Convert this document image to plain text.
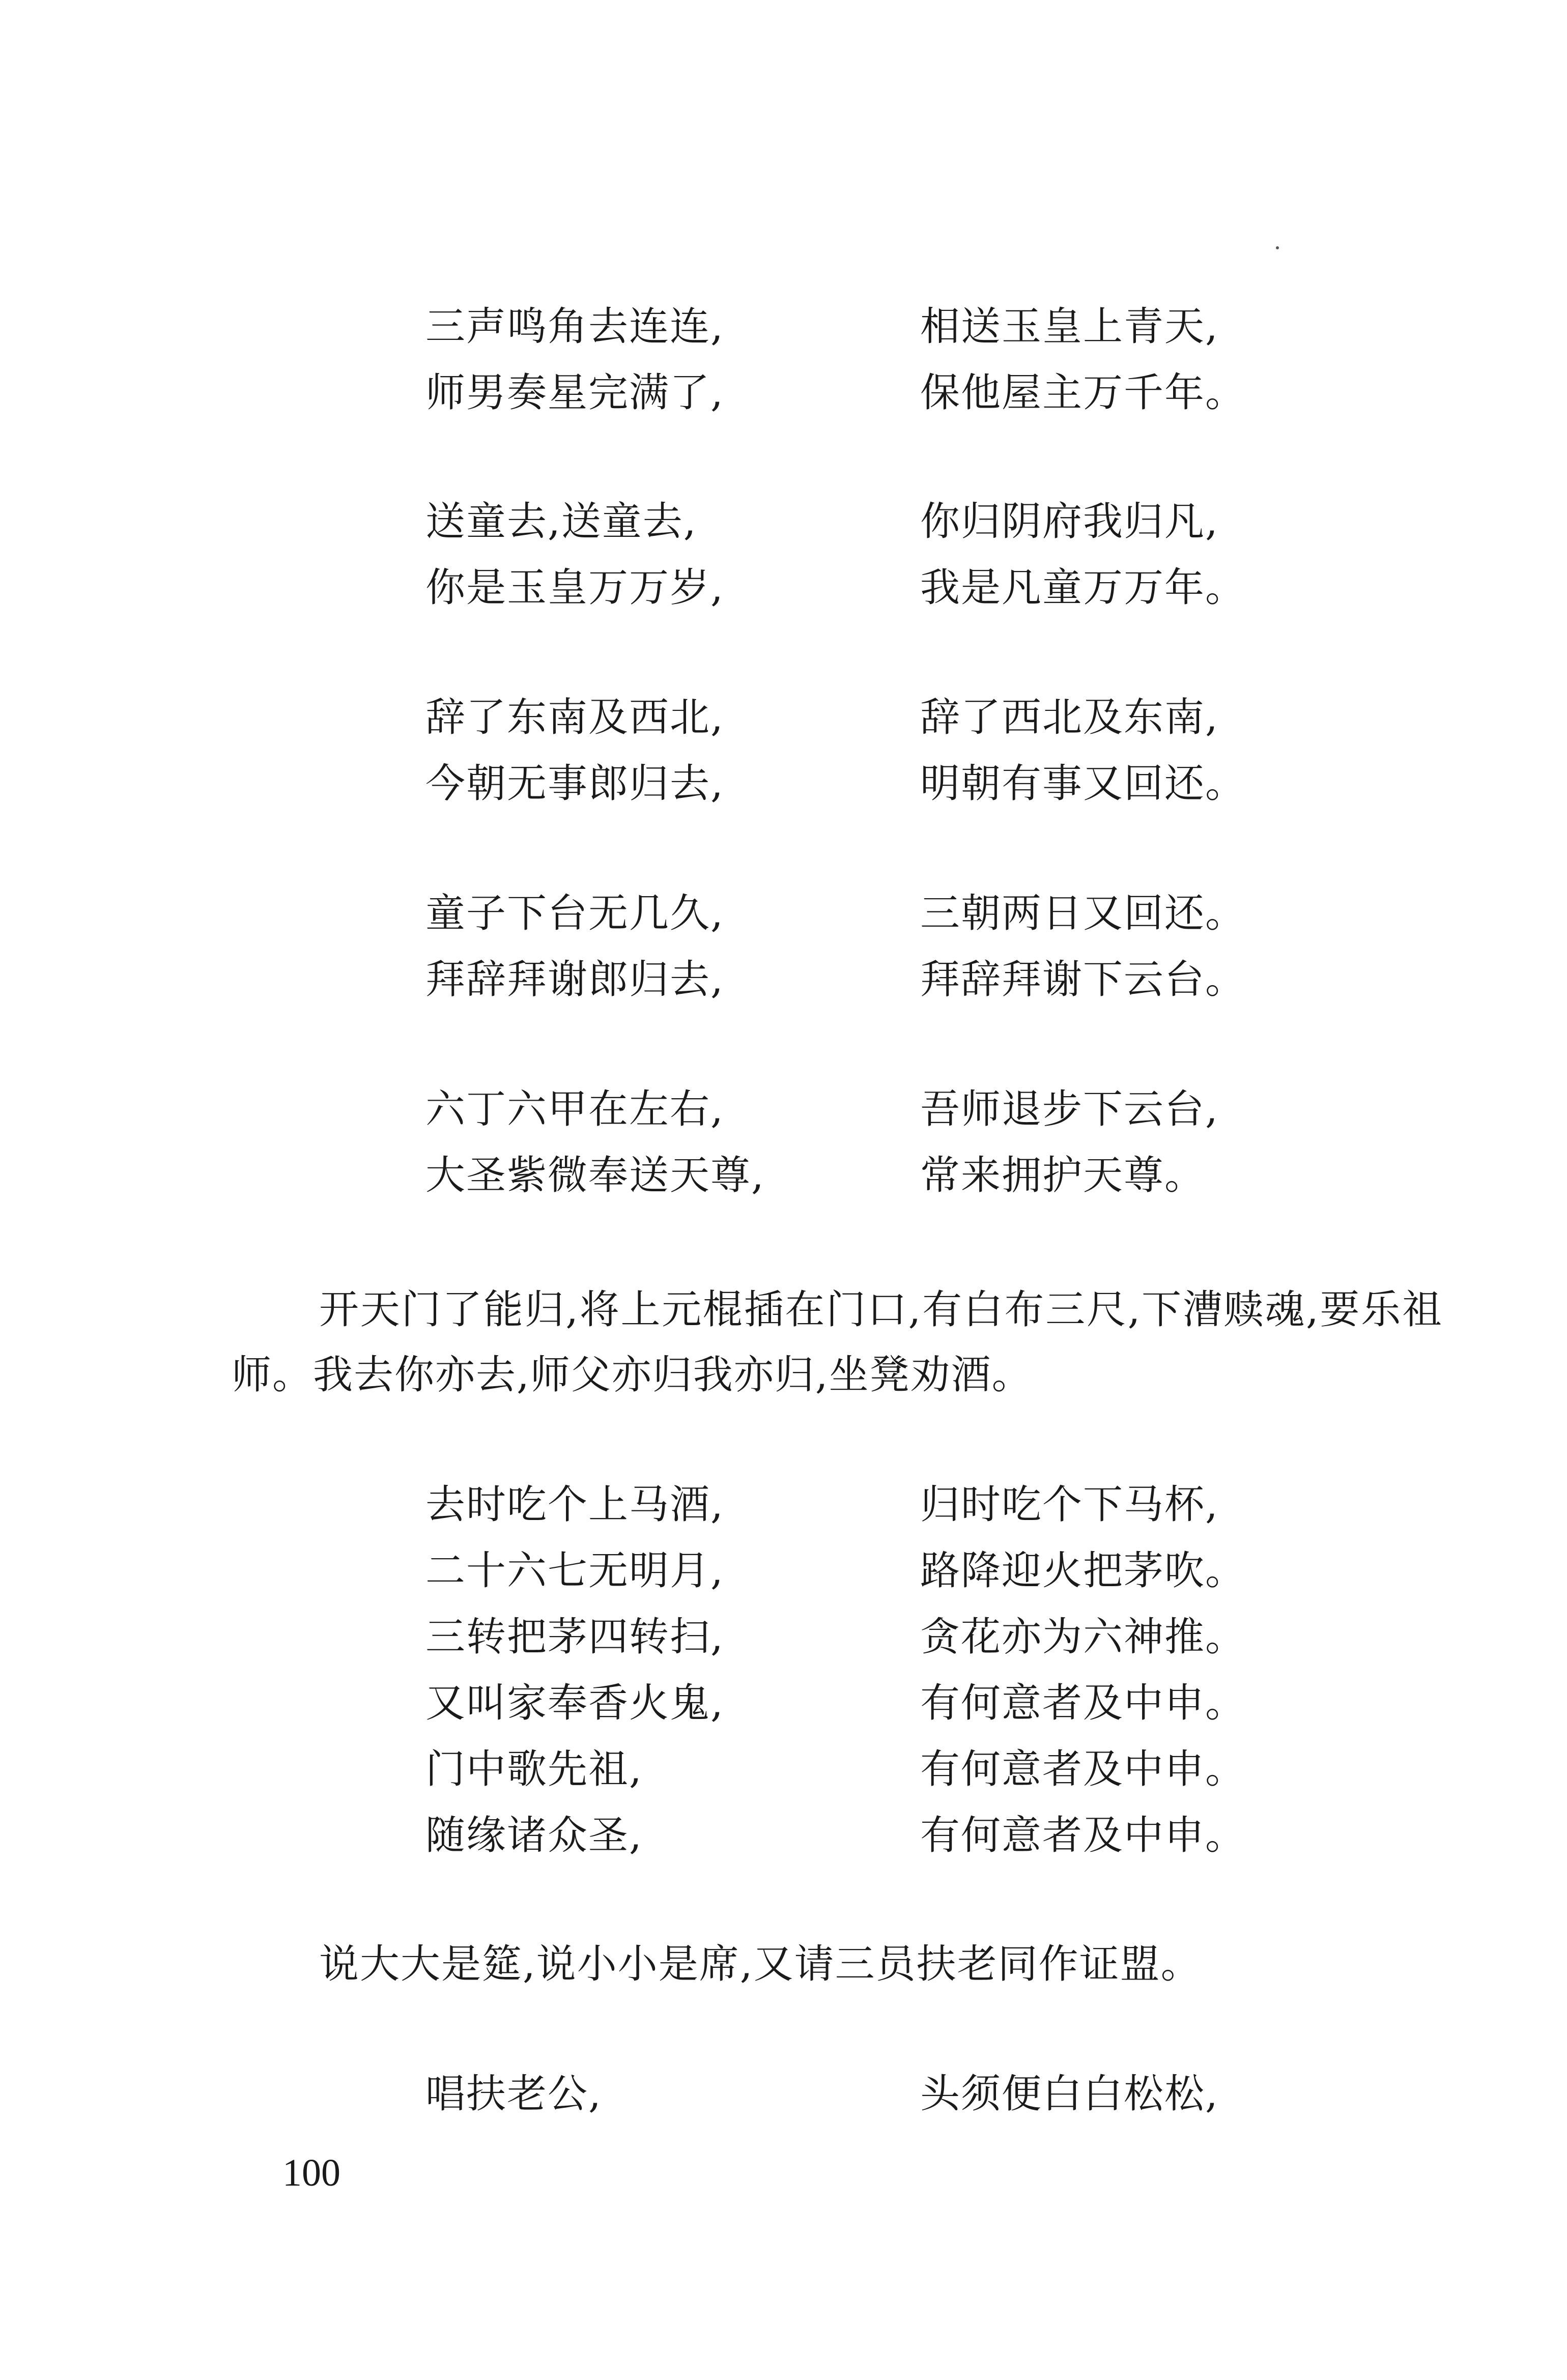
三声鸣角去连连,	相送玉皇上青天,
师男奏星完满了,	保他屋主万千年。
送童去,送童去,	你归阴府我归凡,
你是玉皇万万岁,	我是凡童万万年。
辞了东南及西北,	辞了西北及东南,
今朝无事郎归去,	明朝有事又回还。
童子下台无几久,	三朝两日又回还。
拜辞拜谢郎归去,	拜辞拜谢下云台。
六丁六甲在左右,	吾师退步下云台,
大圣紫微奉送天尊,	常来拥护天尊。

开天门了能归,将上元棍插在门口,有白布三尺,下漕赎魂,要乐祖师。我去你亦去,师父亦归我亦归,坐凳劝酒。

去时吃个上马酒,	归时吃个下马杯,
二十六七无明月,	路降迎火把茅吹。
三转把茅四转扫,	贪花亦为六神推。
又叫家奉香火鬼,	有何意者及中申。
门中歌先祖,	有何意者及中申。
随缘诸众圣,	有何意者及中申。

说大大是筵,说小小是席,又请三员扶老同作证盟。

唱扶老公,	头须便白白松松,
100
